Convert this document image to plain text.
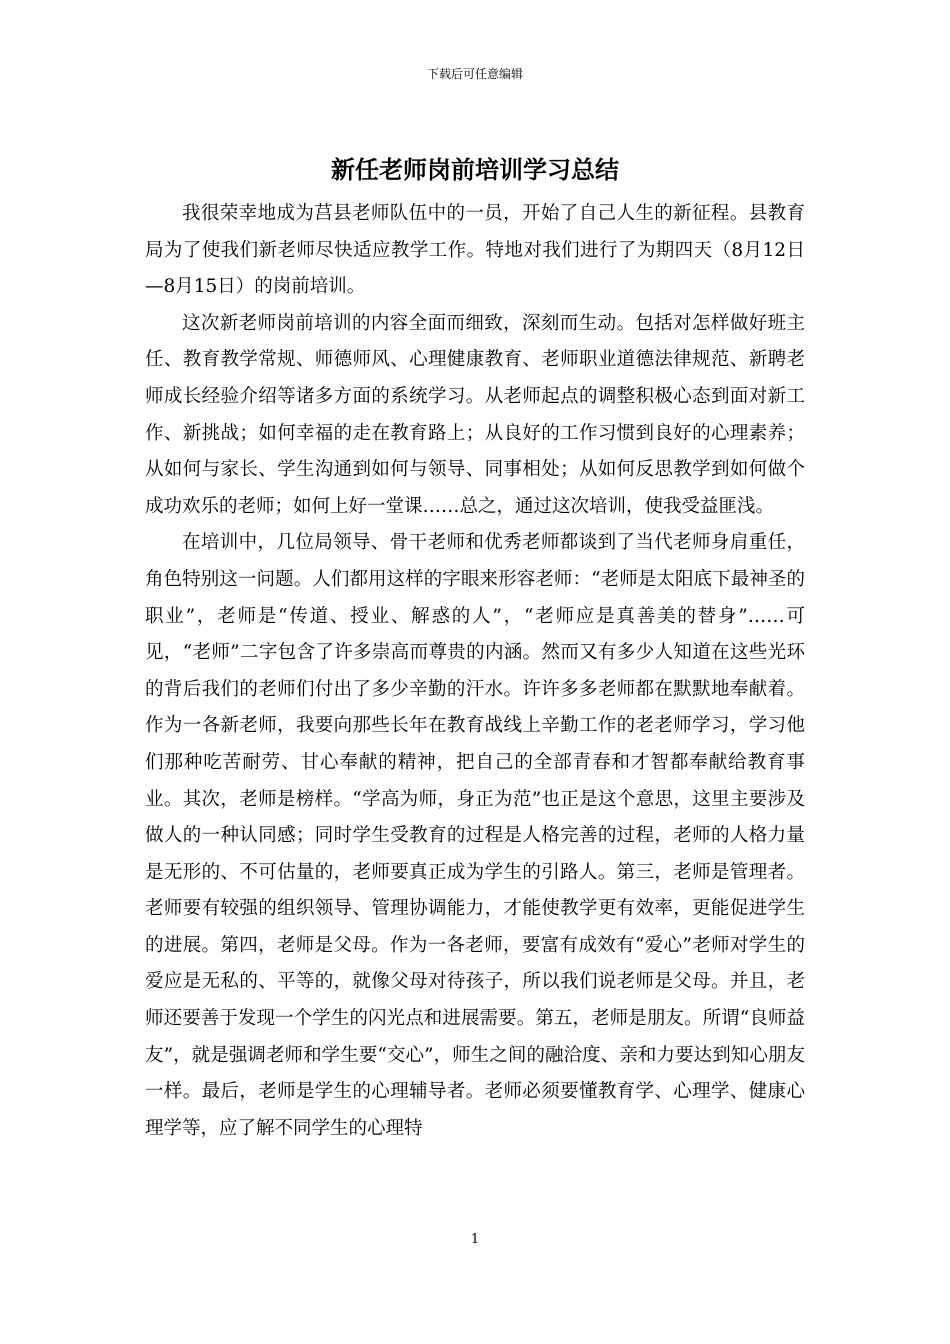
下载后可任意编辑
新任老师岗前培训学习总结

我很荣幸地成为莒县老师队伍中的一员，开始了自己人生的新征程。县教育局为了使我们新老师尽快适应教学工作。特地对我们进行了为期四天（8月12日—8月15日）的岗前培训。

这次新老师岗前培训的内容全面而细致，深刻而生动。包括对怎样做好班主任、教育教学常规、师德师风、心理健康教育、老师职业道德法律规范、新聘老师成长经验介绍等诸多方面的系统学习。从老师起点的调整积极心态到面对新工作、新挑战；如何幸福的走在教育路上；从良好的工作习惯到良好的心理素养；从如何与家长、学生沟通到如何与领导、同事相处；从如何反思教学到如何做个成功欢乐的老师；如何上好一堂课……总之，通过这次培训，使我受益匪浅。

在培训中，几位局领导、骨干老师和优秀老师都谈到了当代老师身肩重任，角色特别这一问题。人们都用这样的字眼来形容老师：“老师是太阳底下最神圣的职业”，老师是“传道、授业、解惑的人”，“老师应是真善美的替身”……可见，“老师”二字包含了许多崇高而尊贵的内涵。然而又有多少人知道在这些光环的背后我们的老师们付出了多少辛勤的汗水。许许多多老师都在默默地奉献着。作为一各新老师，我要向那些长年在教育战线上辛勤工作的老老师学习，学习他们那种吃苦耐劳、甘心奉献的精神，把自己的全部青春和才智都奉献给教育事业。其次，老师是榜样。“学高为师，身正为范”也正是这个意思，这里主要涉及做人的一种认同感；同时学生受教育的过程是人格完善的过程，老师的人格力量是无形的、不可估量的，老师要真正成为学生的引路人。第三，老师是管理者。老师要有较强的组织领导、管理协调能力，才能使教学更有效率，更能促进学生的进展。第四，老师是父母。作为一各老师，要富有成效有“爱心”老师对学生的爱应是无私的、平等的，就像父母对待孩子，所以我们说老师是父母。并且，老师还要善于发现一个学生的闪光点和进展需要。第五，老师是朋友。所谓“良师益友”，就是强调老师和学生要“交心”，师生之间的融洽度、亲和力要达到知心朋友一样。最后，老师是学生的心理辅导者。老师必须要懂教育学、心理学、健康心理学等，应了解不同学生的心理特

1
